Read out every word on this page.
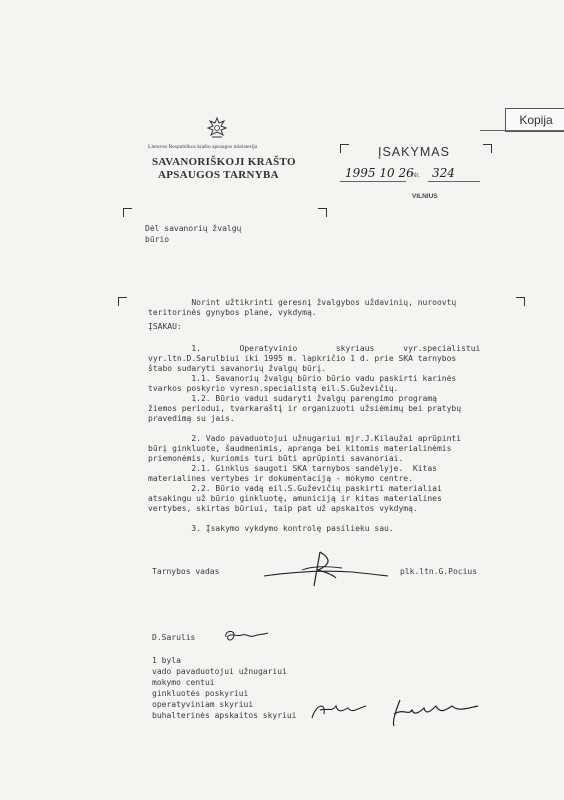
Kopija
Lietuvos Respublikos krašto apsaugos ministerija
SAVANORIŠKOJI KRAŠTO
APSAUGOS TARNYBA
ĮSAKYMAS
1995 10 26
Nr. 324
VILNIUS
Dėl savanorių žvalgų
būrio
Norint užtikrinti geresnį žvalgybos uždavinių, nuroovtų
teritorinės gynybos plane, vykdymą.
ĮSAKAU:
1.        Operatyvinio        skyriaus      vyr.specialistui
vyr.ltn.D.Sarulbiui iki 1995 m. lapkričio 1 d. prie SKA tarnybos
štabo sudaryti savanorių žvalgų būrį.
1.1. Savanorių žvalgų būrio būrio vadu paskirti karinės
tvarkos poskyrio vyresn.specialistą eil.S.Guževičių.
1.2. Būrio vadui sudaryti žvalgų parengimo programą
žiemos periodui, tvarkaraštį ir organizuoti užsiėmimų bei pratybų
pravedimą su jais.
2. Vado pavaduotojui užnugariui mjr.J.Kilaužai aprūpinti
būrį ginkluote, šaudmenimis, apranga bei kitomis materialinėmis
priemonėmis, kuriomis turi būti aprūpinti savanoriai.
2.1. Ginklus saugoti SKA tarnybos sandėlyje.  Kitas
materialines vertybes ir dokumentaciją - mokymo centre.
2.2. Būrio vadą eil.S.Guževičių paskirti materialiai
atsakingu už būrio ginkluotę, amuniciją ir kitas materialines
vertybes, skirtas būriui, taip pat už apskaitos vykdymą.
3. Įsakymo vykdymo kontrolę pasilieku sau.
Tarnybos vadas	plk.ltn.G.Pocius
D.Sarulis
1 byla
vado pavaduotojui užnugariui
mokymo centui
ginkluotės poskyriui
operatyviniam skyriui
buhalterinės apskaitos skyriui
